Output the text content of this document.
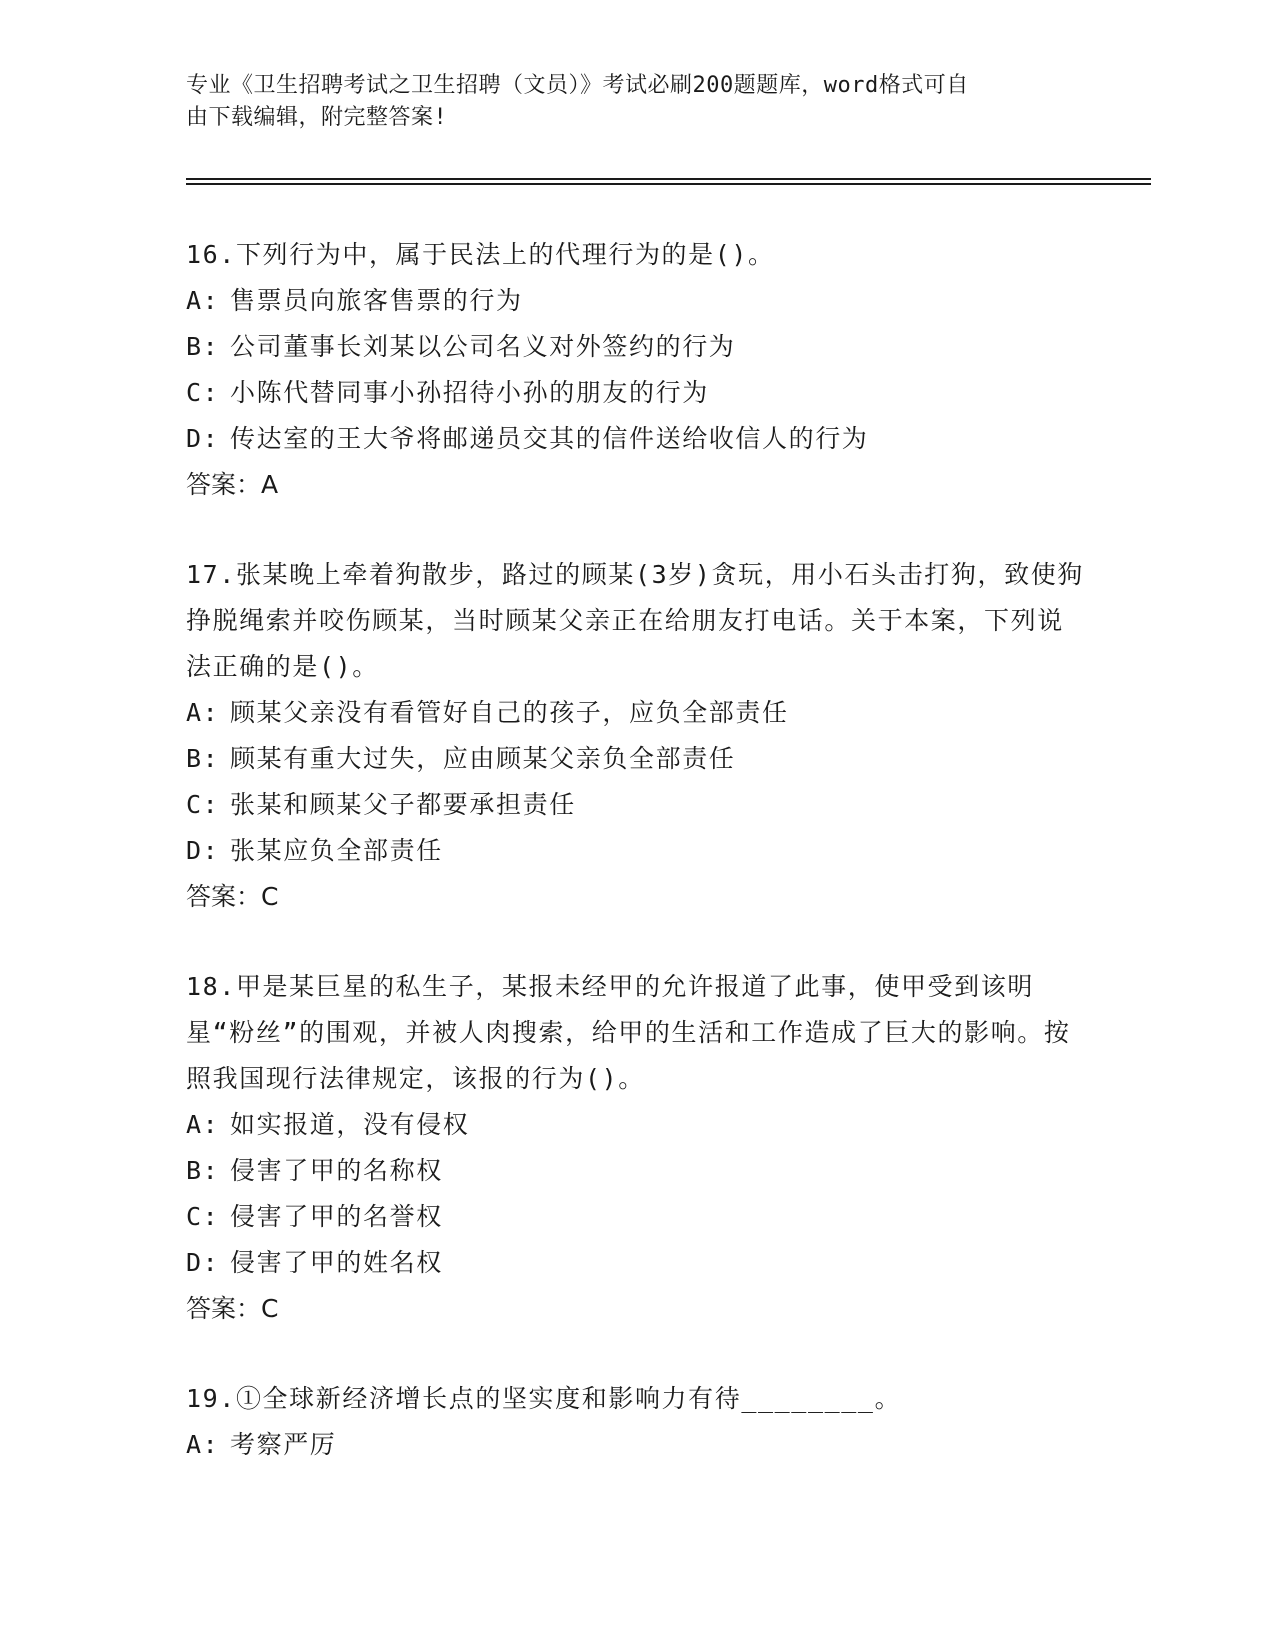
专业《卫生招聘考试之卫生招聘（文员）》考试必刷200题题库，word格式可自
由下载编辑，附完整答案!

16.下列行为中，属于民法上的代理行为的是()。

A: 售票员向旅客售票的行为

B: 公司董事长刘某以公司名义对外签约的行为

C: 小陈代替同事小孙招待小孙的朋友的行为

D: 传达室的王大爷将邮递员交其的信件送给收信人的行为

答案：A

17.张某晚上牵着狗散步，路过的顾某(3岁)贪玩，用小石头击打狗，致使狗挣脱绳索并咬伤顾某，当时顾某父亲正在给朋友打电话。关于本案，下列说法正确的是()。

A: 顾某父亲没有看管好自己的孩子，应负全部责任

B: 顾某有重大过失，应由顾某父亲负全部责任

C: 张某和顾某父子都要承担责任

D: 张某应负全部责任

答案：C

18.甲是某巨星的私生子，某报未经甲的允许报道了此事，使甲受到该明星“粉丝”的围观，并被人肉搜索，给甲的生活和工作造成了巨大的影响。按照我国现行法律规定，该报的行为()。

A: 如实报道，没有侵权

B: 侵害了甲的名称权

C: 侵害了甲的名誉权

D: 侵害了甲的姓名权

答案：C

19.①全球新经济增长点的坚实度和影响力有待________。

A: 考察严厉
